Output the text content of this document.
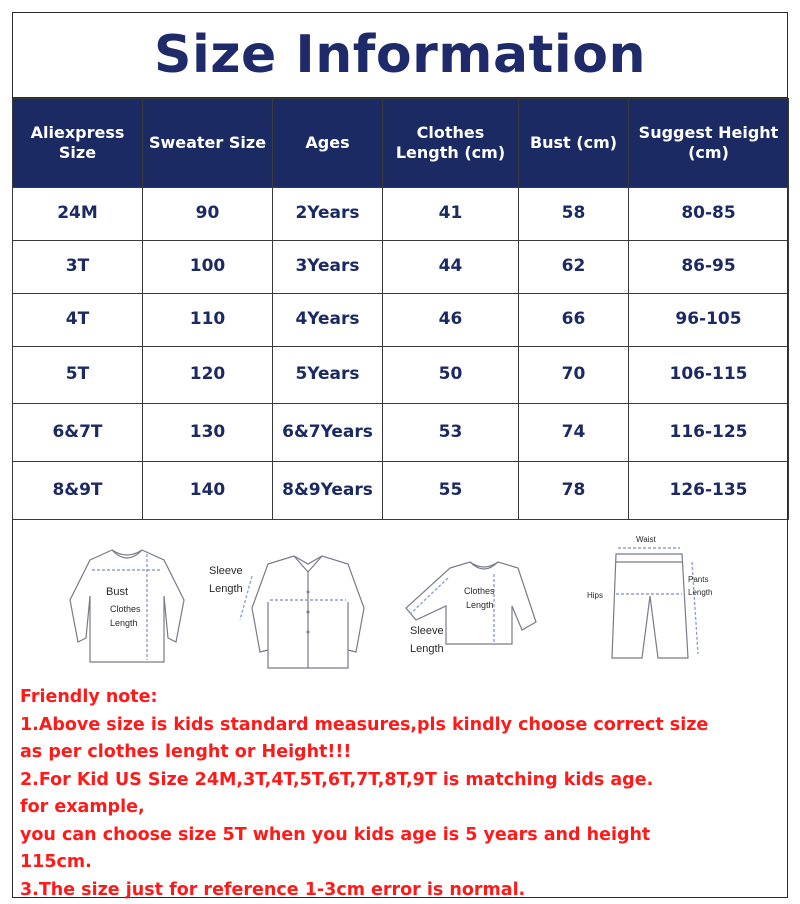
Size Information
Aliexpress Size	Sweater Size	Ages	Clothes Length (cm)	Bust (cm)	Suggest Height (cm)
24M	90	2Years	41	58	80-85
3T	100	3Years	44	62	86-95
4T	110	4Years	46	66	96-105
5T	120	5Years	50	70	106-115
6&7T	130	6&7Years	53	74	116-125
8&9T	140	8&9Years	55	78	126-135
Bust
Clothes
Length
Sleeve
Length	Clothes
Length
Sleeve
Length
Waist
Hips
Pants
Length
Friendly note:
1.Above size is kids standard measures,pls kindly choose correct size
as per clothes lenght or Height!!!
2.For Kid US Size 24M,3T,4T,5T,6T,7T,8T,9T is matching kids age.
for example,
you can choose size 5T when you kids age is 5 years and height
115cm.
3.The size just for reference 1-3cm error is normal.
